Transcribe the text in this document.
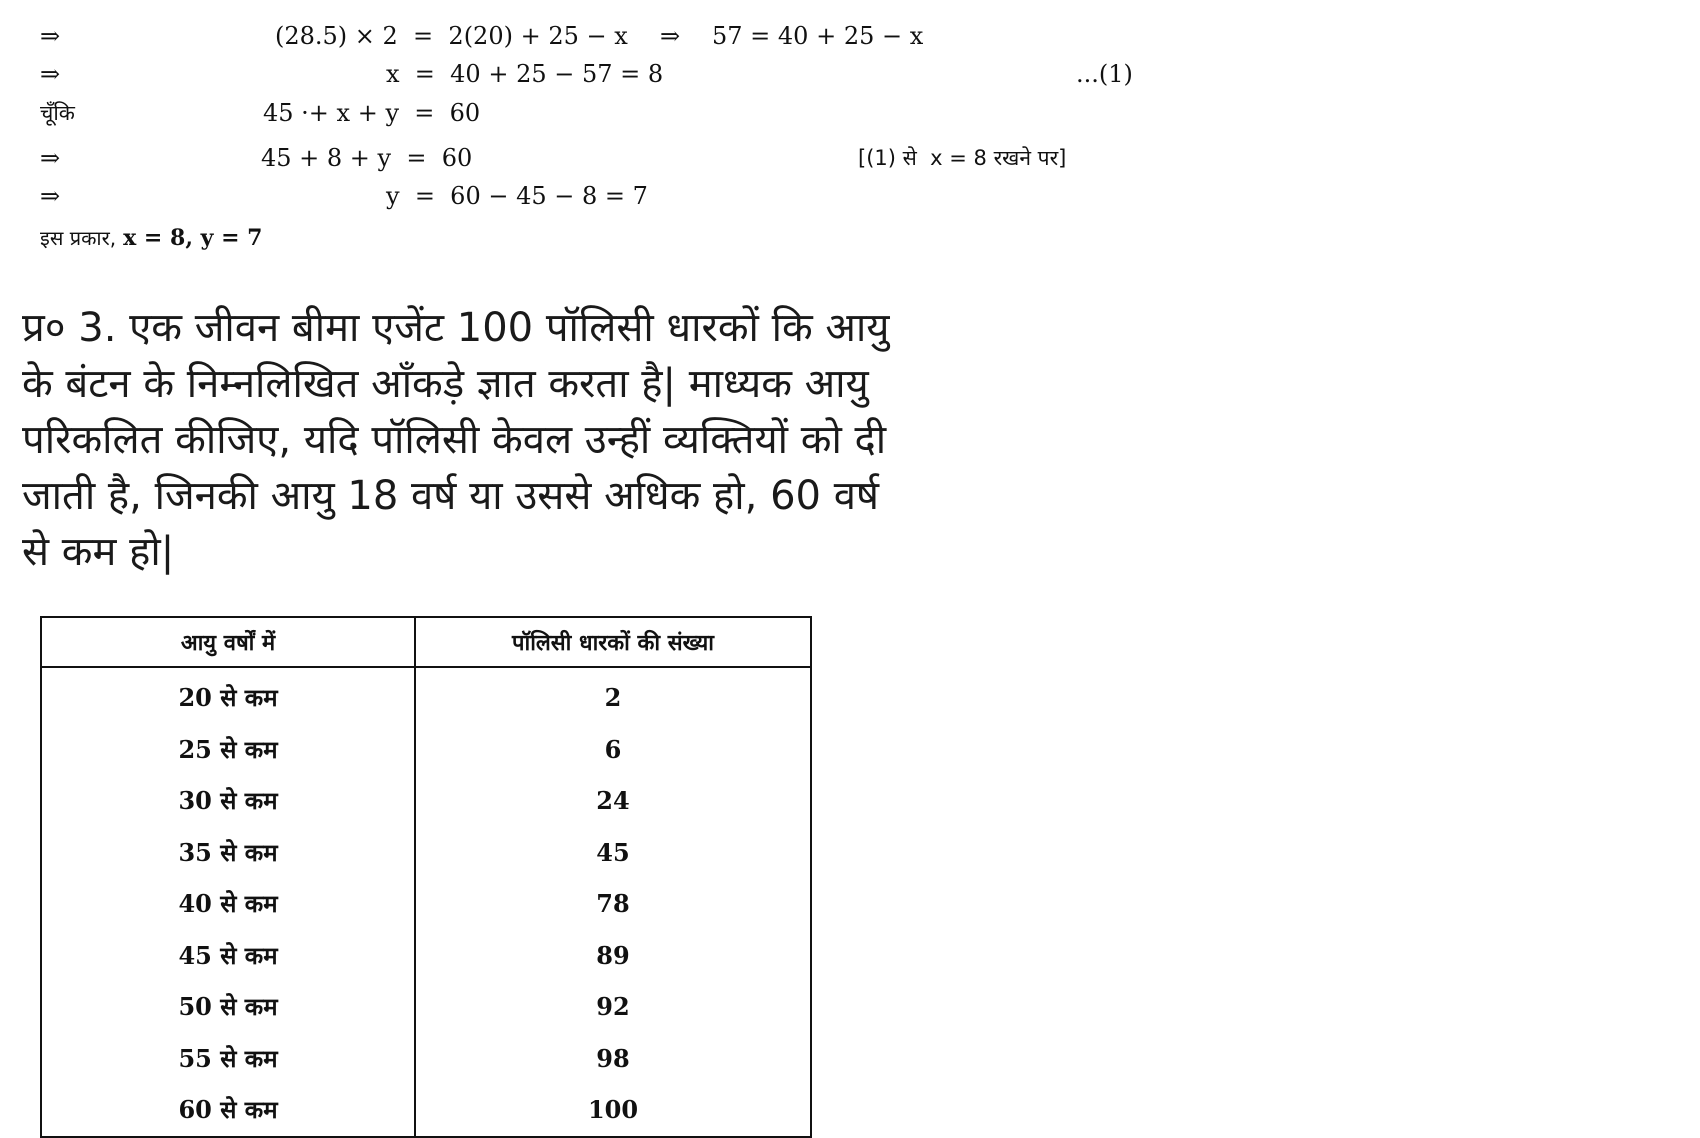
⇒	(28.5) × 2  =  2(20) + 25 − x ⇒ 57 = 40 + 25 − x
⇒	x  =  40 + 25 − 57 = 8	...(1)
चूँकि	45 ·+ x + y  =  60
⇒	45 + 8 + y  =  60	[(1) से  x = 8 रखने पर]
⇒	y  =  60 − 45 − 8 = 7
इस प्रकार, x = 8, y = 7

प्र० 3. एक जीवन बीमा एजेंट 100 पॉलिसी धारकों कि आयु

के बंटन के निम्नलिखित आँकड़े ज्ञात करता है| माध्यक आयु

परिकलित कीजिए, यदि पॉलिसी केवल उन्हीं व्यक्तियों को दी

जाती है, जिनकी आयु 18 वर्ष या उससे अधिक हो, 60 वर्ष

से कम हो|

आयु वर्षों में	पॉलिसी धारकों की संख्या
20 से कम	2
25 से कम	6
30 से कम	24
35 से कम	45
40 से कम	78
45 से कम	89
50 से कम	92
55 से कम	98
60 से कम	100
